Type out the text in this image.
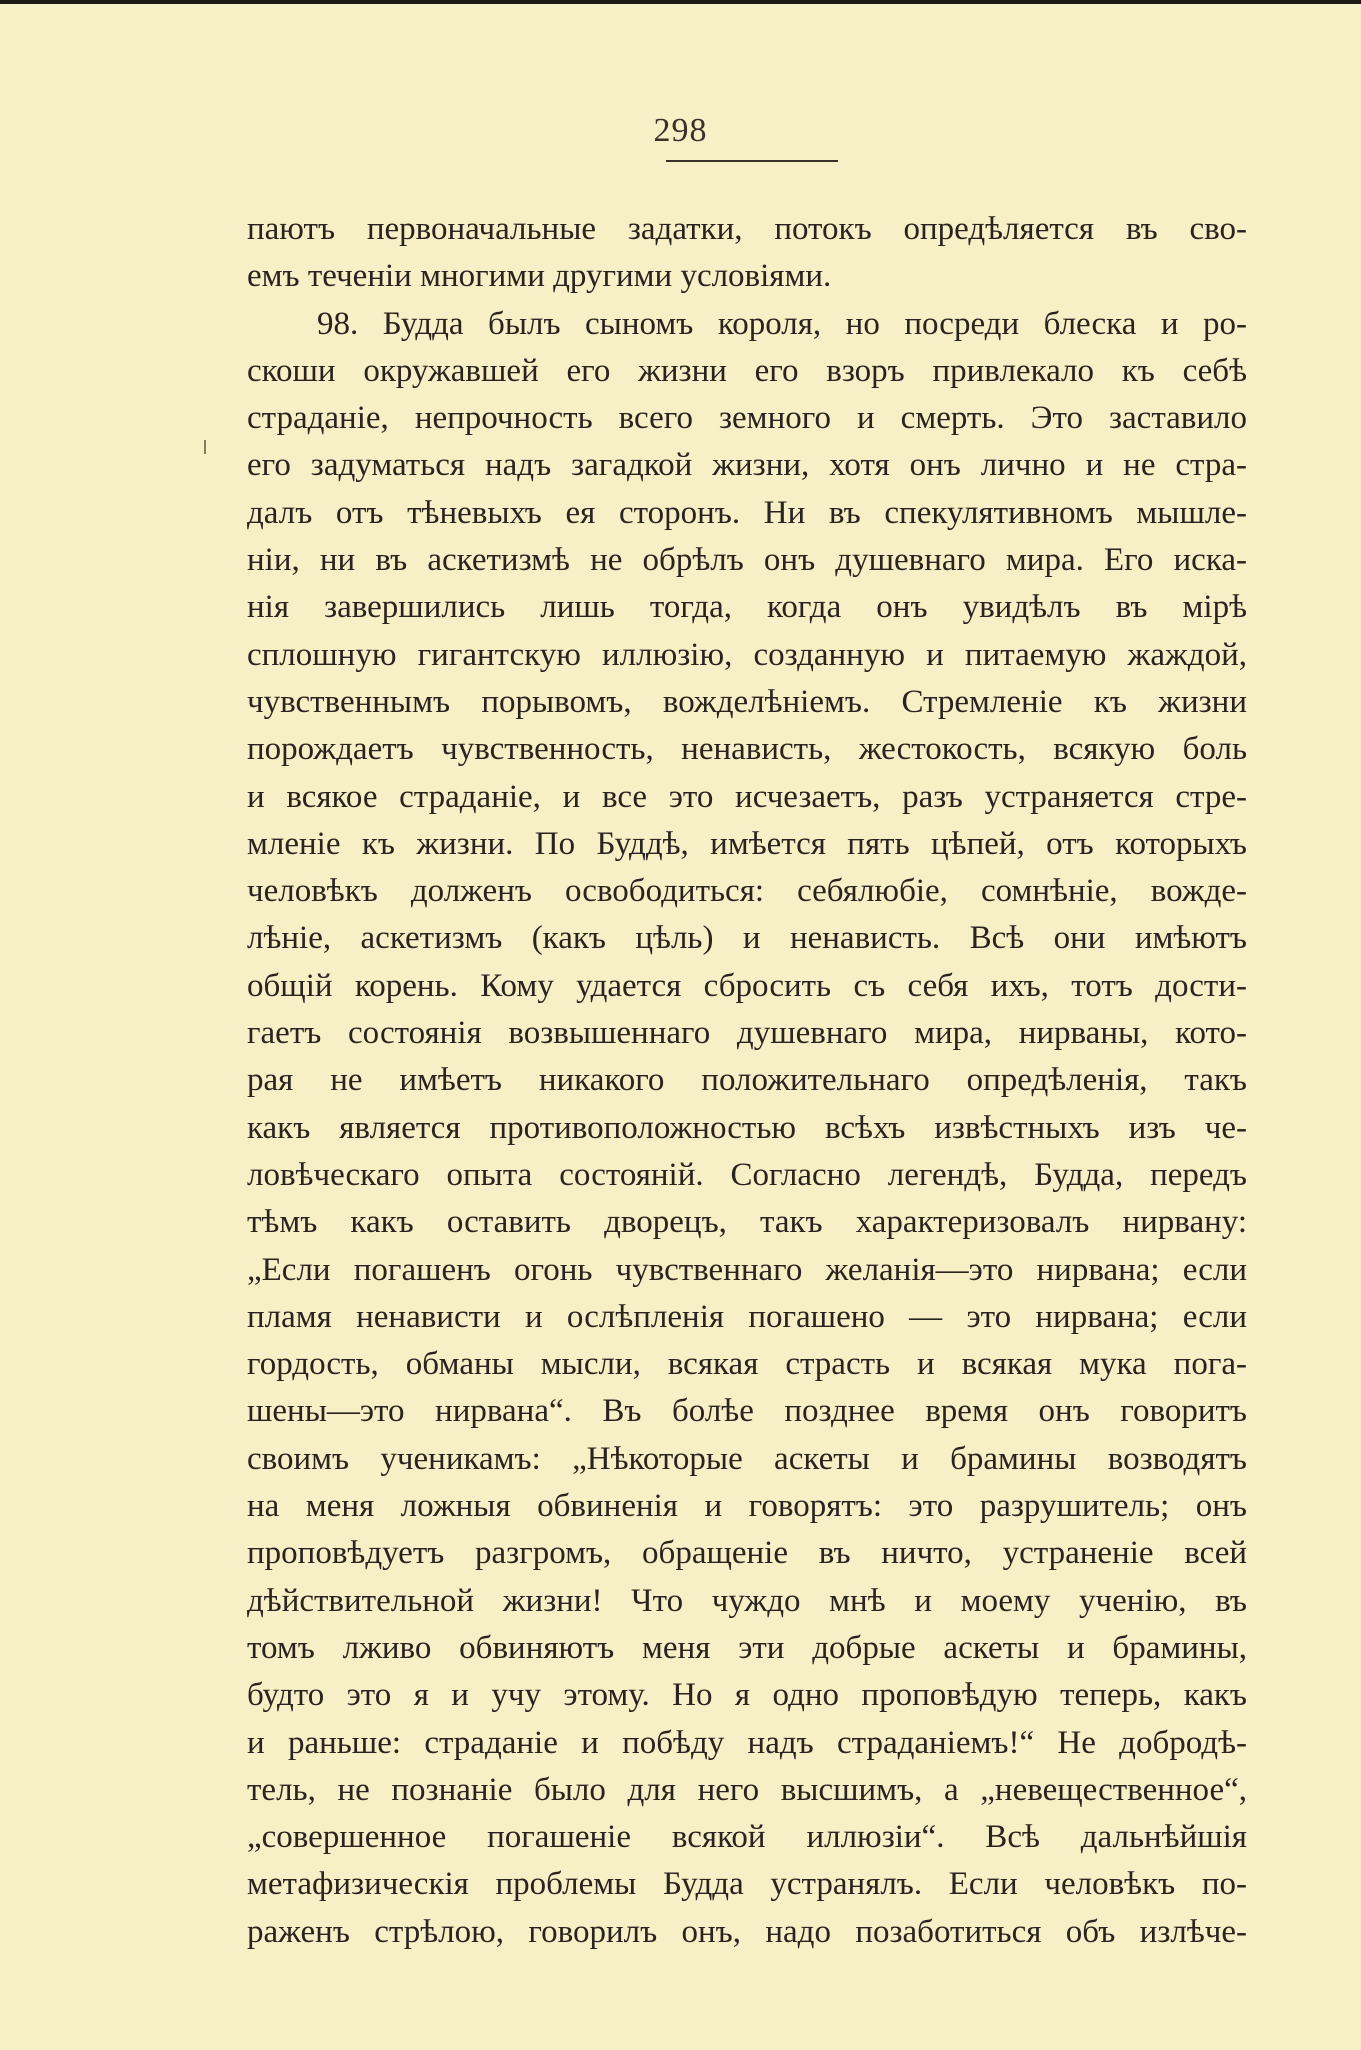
298
паютъ первоначальные задатки, потокъ опредѣляется въ сво-
емъ теченіи многими другими условіями.
98. Будда былъ сыномъ короля, но посреди блеска и ро-
скоши окружавшей его жизни его взоръ привлекало къ себѣ
страданіе, непрочность всего земного и смерть. Это заставило
его задуматься надъ загадкой жизни, хотя онъ лично и не стра-
далъ отъ тѣневыхъ ея сторонъ. Ни въ спекулятивномъ мышле-
ніи, ни въ аскетизмѣ не обрѣлъ онъ душевнаго мира. Его иска-
нія завершились лишь тогда, когда онъ увидѣлъ въ мірѣ
сплошную гигантскую иллюзію, созданную и питаемую жаждой,
чувственнымъ порывомъ, вожделѣніемъ. Стремленіе къ жизни
порождаетъ чувственность, ненависть, жестокость, всякую боль
и всякое страданіе, и все это исчезаетъ, разъ устраняется стре-
мленіе къ жизни. По Буддѣ, имѣется пять цѣпей, отъ которыхъ
человѣкъ долженъ освободиться: себялюбіе, сомнѣніе, вожде-
лѣніе, аскетизмъ (какъ цѣль) и ненависть. Всѣ они имѣютъ
общій корень. Кому удается сбросить съ себя ихъ, тотъ дости-
гаетъ состоянія возвышеннаго душевнаго мира, нирваны, кото-
рая не имѣетъ никакого положительнаго опредѣленія, такъ
какъ является противоположностью всѣхъ извѣстныхъ изъ че-
ловѣческаго опыта состояній. Согласно легендѣ, Будда, передъ
тѣмъ какъ оставить дворецъ, такъ характеризовалъ нирвану:
„Если погашенъ огонь чувственнаго желанія—это нирвана; если
пламя ненависти и ослѣпленія погашено — это нирвана; если
гордость, обманы мысли, всякая страсть и всякая мука пога-
шены—это нирвана“. Въ болѣе позднее время онъ говоритъ
своимъ ученикамъ: „Нѣкоторые аскеты и брамины возводятъ
на меня ложныя обвиненія и говорятъ: это разрушитель; онъ
проповѣдуетъ разгромъ, обращеніе въ ничто, устраненіе всей
дѣйствительной жизни! Что чуждо мнѣ и моему ученію, въ
томъ лживо обвиняютъ меня эти добрые аскеты и брамины,
будто это я и учу этому. Но я одно проповѣдую теперь, какъ
и раньше: страданіе и побѣду надъ страданіемъ!“ Не добродѣ-
тель, не познаніе было для него высшимъ, а „невещественное“,
„совершенное погашеніе всякой иллюзіи“. Всѣ дальнѣйшія
метафизическія проблемы Будда устранялъ. Если человѣкъ по-
раженъ стрѣлою, говорилъ онъ, надо позаботиться объ излѣче-
